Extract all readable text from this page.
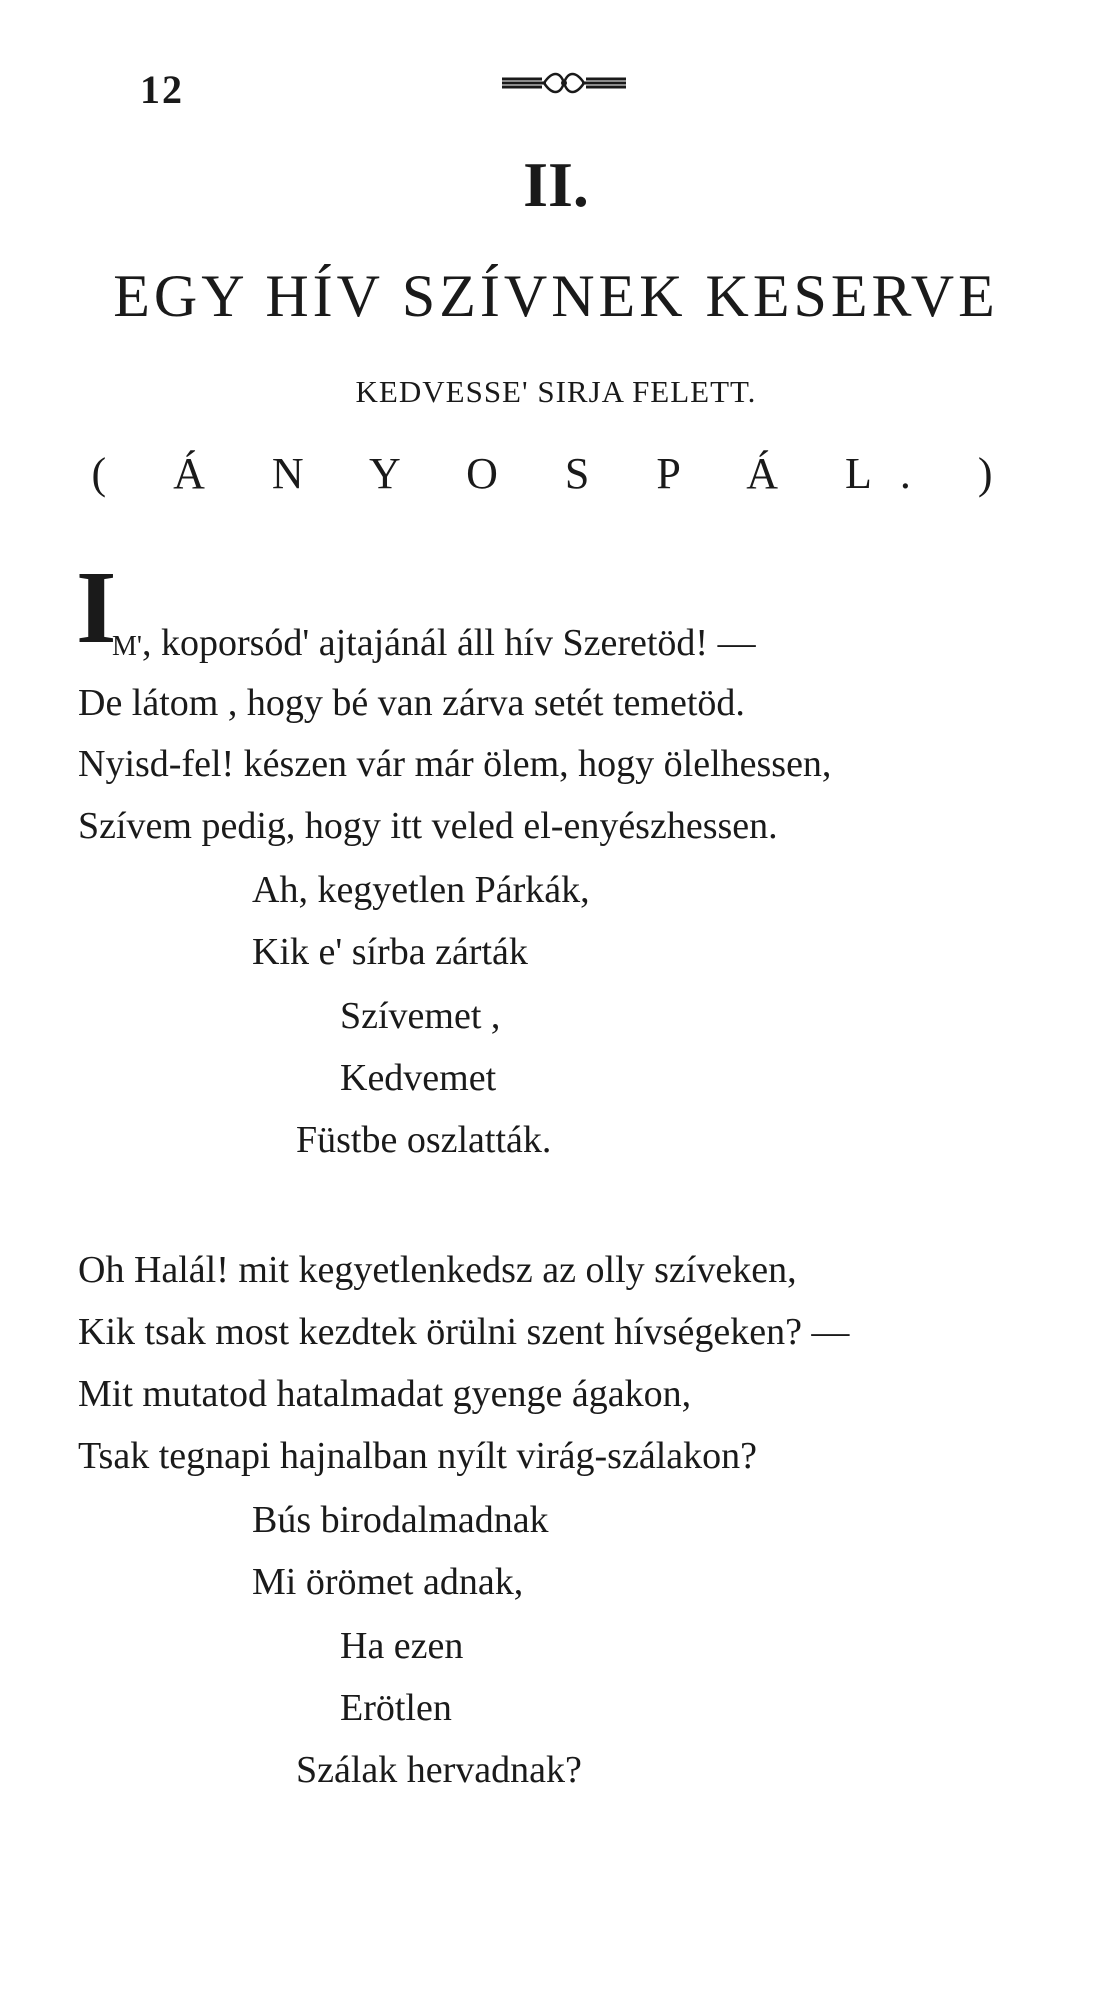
12
II.
EGY HÍV SZÍVNEK KESERVE
KEDVESSE' SIRJA FELETT.
( Á N Y O S P Á L. )
I
M', koporsód' ajtajánál áll hív Szeretöd! —
De látom , hogy bé van zárva setét temetöd.
Nyisd-fel! készen vár már ölem, hogy ölelhessen,
Szívem pedig, hogy itt veled el-enyészhessen.
Ah, kegyetlen Párkák,
Kik e' sírba zárták
Szívemet ,
Kedvemet
Füstbe oszlatták.
Oh Halál! mit kegyetlenkedsz az olly szíveken,
Kik tsak most kezdtek örülni szent hívségeken? —
Mit mutatod hatalmadat gyenge ágakon,
Tsak tegnapi hajnalban nyílt virág-szálakon?
Bús birodalmadnak
Mi örömet adnak,
Ha ezen
Erötlen
Szálak hervadnak?
